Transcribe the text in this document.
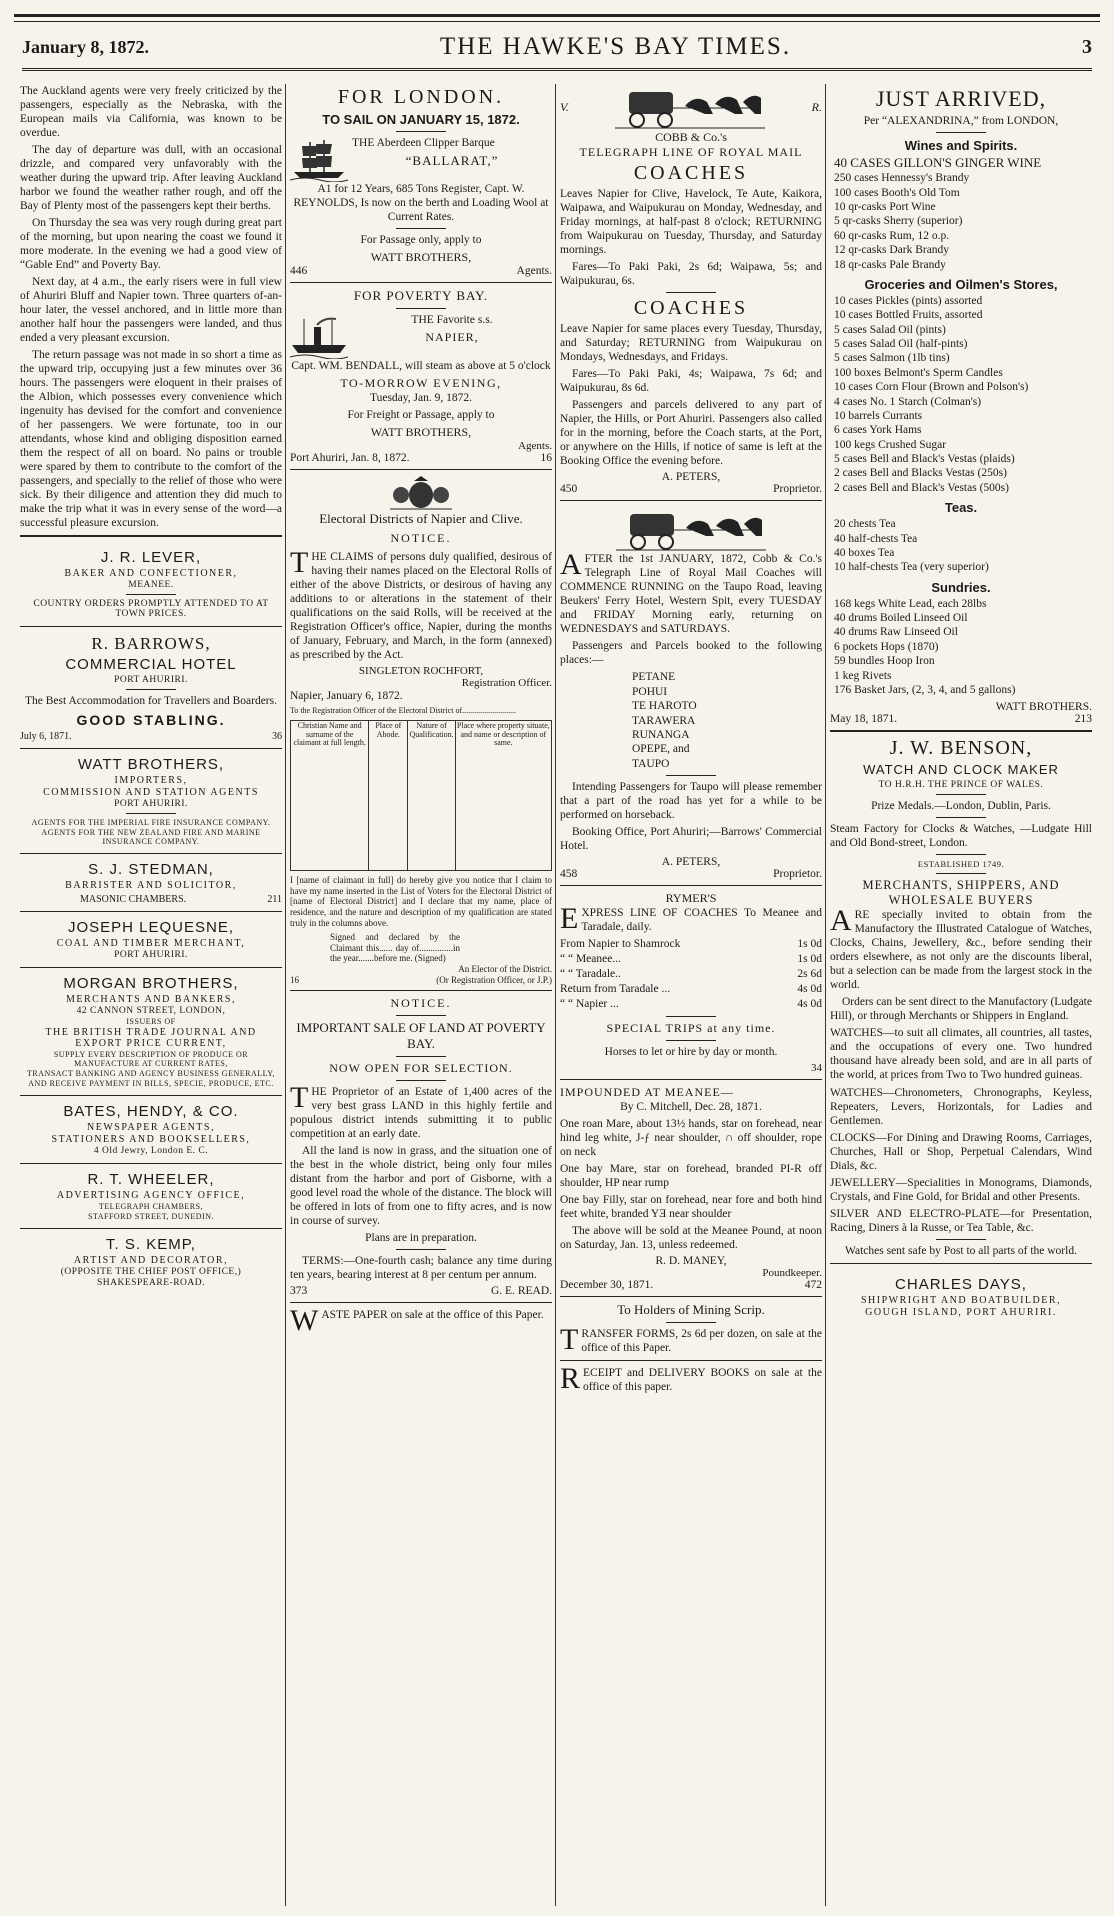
January 8, 1872.	THE HAWKE'S BAY TIMES.	3

The Auckland agents were very freely criticized by the passengers, especially as the Nebraska, with the European mails via California, was known to be overdue.

The day of departure was dull, with an occasional drizzle, and compared very unfavorably with the weather during the upward trip. After leaving Auckland harbor we found the weather rather rough, and off the Bay of Plenty most of the passengers kept their berths.

On Thursday the sea was very rough during great part of the morning, but upon nearing the coast we found it more moderate. In the evening we had a good view of “Gable End” and Poverty Bay.

Next day, at 4 a.m., the early risers were in full view of Ahuriri Bluff and Napier town. Three quarters of-an-hour later, the vessel anchored, and in little more than another half hour the passengers were landed, and thus ended a very pleasant excursion.

The return passage was not made in so short a time as the upward trip, occupying just a few minutes over 36 hours. The passengers were eloquent in their praises of the Albion, which possesses every convenience which ingenuity has devised for the comfort and convenience of her passengers. We were fortunate, too in our attendants, whose kind and obliging disposition earned them the respect of all on board. No pains or trouble were spared by them to contribute to the comfort of the passengers, and specially to the relief of those who were sick. By their diligence and attention they did much to make the trip what it was in every sense of the word—a successful pleasure excursion.

J. R. LEVER,
BAKER AND CONFECTIONER,
MEANEE.
COUNTRY ORDERS PROMPTLY ATTENDED TO AT TOWN PRICES.
R. BARROWS,
COMMERCIAL HOTEL
PORT AHURIRI.

The Best Accommodation for Travellers and Boarders.

GOOD STABLING.
July 6, 1871.	36
WATT BROTHERS,
IMPORTERS,
COMMISSION AND STATION AGENTS
PORT AHURIRI.
AGENTS FOR THE IMPERIAL FIRE INSURANCE COMPANY.
AGENTS FOR THE NEW ZEALAND FIRE AND MARINE INSURANCE COMPANY.
S. J. STEDMAN,
BARRISTER AND SOLICITOR,
MASONIC CHAMBERS.	211
JOSEPH LEQUESNE,
COAL AND TIMBER MERCHANT,
PORT AHURIRI.
MORGAN BROTHERS,
MERCHANTS AND BANKERS,
42 CANNON STREET, LONDON,
ISSUERS OF
THE BRITISH TRADE JOURNAL AND EXPORT PRICE CURRENT,
SUPPLY EVERY DESCRIPTION OF PRODUCE OR MANUFACTURE AT CURRENT RATES,
TRANSACT BANKING AND AGENCY BUSINESS GENERALLY,
AND RECEIVE PAYMENT IN BILLS, SPECIE, PRODUCE, ETC.
BATES, HENDY, & CO.
NEWSPAPER AGENTS,
STATIONERS AND BOOKSELLERS,
4 Old Jewry, London E. C.
R. T. WHEELER,
ADVERTISING AGENCY OFFICE,
TELEGRAPH CHAMBERS,
STAFFORD STREET, DUNEDIN.
T. S. KEMP,
ARTIST AND DECORATOR,
(OPPOSITE THE CHIEF POST OFFICE,)
SHAKESPEARE-ROAD.
FOR LONDON.
TO SAIL ON JANUARY 15, 1872.

THE Aberdeen Clipper Barque

“BALLARAT,”

A1 for 12 Years, 685 Tons Register, Capt. W. REYNOLDS, Is now on the berth and Loading Wool at Current Rates.

For Passage only, apply to

WATT BROTHERS,
446	Agents.
FOR POVERTY BAY.

THE Favorite s.s.

NAPIER,

Capt. WM. BENDALL, will steam as above at 5 o'clock

TO-MORROW EVENING,

Tuesday, Jan. 9, 1872.

For Freight or Passage, apply to

WATT BROTHERS,
Agents.
Port Ahuriri, Jan. 8, 1872.	16
Electoral Districts of Napier and Clive.
NOTICE.

THE CLAIMS of persons duly qualified, desirous of having their names placed on the Electoral Rolls of either of the above Districts, or desirous of having any additions to or alterations in the statement of their qualifications on the said Rolls, will be received at the Registration Officer's office, Napier, during the months of January, February, and March, in the form (annexed) as prescribed by the Act.

SINGLETON ROCHFORT,
Registration Officer.

Napier, January 6, 1872.

To the Registration Officer of the Electoral District of...........................
Christian Name and surname of the claimant at full length.	Place of Abode.	Nature of Qualification.	Place where property situate, and name or description of same.
I [name of claimant in full] do hereby give you notice that I claim to have my name inserted in the List of Voters for the Electoral District of [name of Electoral District] and I declare that my name, place of residence, and the nature and description of my qualification are stated truly in the columns above.
Signed and declared by the Claimant this...... day of...............in the year.......before me. (Signed)
An Elector of the District.
16	(Or Registration Officer, or J.P.)
NOTICE.
IMPORTANT SALE OF LAND AT POVERTY BAY.
NOW OPEN FOR SELECTION.

THE Proprietor of an Estate of 1,400 acres of the very best grass LAND in this highly fertile and populous district intends submitting it to public competition at an early date.

All the land is now in grass, and the situation one of the best in the whole district, being only four miles distant from the harbor and port of Gisborne, with a good level road the whole of the distance. The block will be offered in lots of from one to fifty acres, and is now in course of survey.

Plans are in preparation.

TERMS:—One-fourth cash; balance any time during ten years, bearing interest at 8 per centum per annum.

373	G. E. READ.

WASTE PAPER on sale at the office of this Paper.

V.	R.
COBB & Co.'s
TELEGRAPH LINE OF ROYAL MAIL
COACHES

Leaves Napier for Clive, Havelock, Te Aute, Kaikora, Waipawa, and Waipukurau on Monday, Wednesday, and Friday mornings, at half-past 8 o'clock; RETURNING from Waipukurau on Tuesday, Thursday, and Saturday mornings.

Fares—To Paki Paki, 2s 6d; Waipawa, 5s; and Waipukurau, 6s.

COACHES

Leave Napier for same places every Tuesday, Thursday, and Saturday; RETURNING from Waipukurau on Mondays, Wednesdays, and Fridays.

Fares—To Paki Paki, 4s; Waipawa, 7s 6d; and Waipukurau, 8s 6d.

Passengers and parcels delivered to any part of Napier, the Hills, or Port Ahuriri. Passengers also called for in the morning, before the Coach starts, at the Port, or anywhere on the Hills, if notice of same is left at the Booking Office the evening before.

A. PETERS,
450	Proprietor.

AFTER the 1st JANUARY, 1872, Cobb & Co.'s Telegraph Line of Royal Mail Coaches will COMMENCE RUNNING on the Taupo Road, leaving Beukers' Ferry Hotel, Western Spit, every TUESDAY and FRIDAY Morning early, returning on WEDNESDAYS and SATURDAYS.

Passengers and Parcels booked to the following places:—

PETANE
POHUI
TE HAROTO
TARAWERA
RUNANGA
OPEPE, and
TAUPO

Intending Passengers for Taupo will please remember that a part of the road has yet for a while to be performed on horseback.

Booking Office, Port Ahuriri;—Barrows' Commercial Hotel.

A. PETERS,
458	Proprietor.
RYMER'S

EXPRESS LINE OF COACHES To Meanee and Taradale, daily.

From Napier to Shamrock	1s 0d
“ “ Meanee...	1s 0d
“ “ Taradale..	2s 6d
Return from Taradale ...	4s 0d
“ “ Napier ...	4s 0d
SPECIAL TRIPS at any time.

Horses to let or hire by day or month.

34
IMPOUNDED AT MEANEE—

By C. Mitchell, Dec. 28, 1871.

One roan Mare, about 13½ hands, star on forehead, near hind leg white, J-ƒ near shoulder, ∩ off shoulder, rope on neck

One bay Mare, star on forehead, branded PI-R off shoulder, HP near rump

One bay Filly, star on forehead, near fore and both hind feet white, branded YƎ near shoulder

The above will be sold at the Meanee Pound, at noon on Saturday, Jan. 13, unless redeemed.

R. D. MANEY,
Poundkeeper.
December 30, 1871.	472
To Holders of Mining Scrip.

TRANSFER FORMS, 2s 6d per dozen, on sale at the office of this Paper.

RECEIPT and DELIVERY BOOKS on sale at the office of this paper.

JUST ARRIVED,

Per “ALEXANDRINA,” from LONDON,

Wines and Spirits.
40 CASES GILLON'S GINGER WINE
250 cases Hennessy's Brandy
100 cases Booth's Old Tom
10 qr-casks Port Wine
5 qr-casks Sherry (superior)
60 qr-casks Rum, 12 o.p.
12 qr-casks Dark Brandy
18 qr-casks Pale Brandy
Groceries and Oilmen's Stores,
10 cases Pickles (pints) assorted
10 cases Bottled Fruits, assorted
5 cases Salad Oil (pints)
5 cases Salad Oil (half-pints)
5 cases Salmon (1lb tins)
100 boxes Belmont's Sperm Candles
10 cases Corn Flour (Brown and Polson's)
4 cases No. 1 Starch (Colman's)
10 barrels Currants
6 cases York Hams
100 kegs Crushed Sugar
5 cases Bell and Black's Vestas (plaids)
2 cases Bell and Blacks Vestas (250s)
2 cases Bell and Black's Vestas (500s)
Teas.
20 chests Tea
40 half-chests Tea
40 boxes Tea
10 half-chests Tea (very superior)
Sundries.
168 kegs White Lead, each 28lbs
40 drums Boiled Linseed Oil
40 drums Raw Linseed Oil
6 pockets Hops (1870)
59 bundles Hoop Iron
1 keg Rivets
176 Basket Jars, (2, 3, 4, and 5 gallons)
WATT BROTHERS.
May 18, 1871.	213
J. W. BENSON,
WATCH AND CLOCK MAKER
TO H.R.H. THE PRINCE OF WALES.

Prize Medals.—London, Dublin, Paris.

Steam Factory for Clocks & Watches, —Ludgate Hill and Old Bond-street, London.

ESTABLISHED 1749.
MERCHANTS, SHIPPERS, AND WHOLESALE BUYERS

ARE specially invited to obtain from the Manufactory the Illustrated Catalogue of Watches, Clocks, Chains, Jewellery, &c., before sending their orders elsewhere, as not only are the discounts liberal, but a selection can be made from the largest stock in the world.

Orders can be sent direct to the Manufactory (Ludgate Hill), or through Merchants or Shippers in England.

WATCHES—to suit all climates, all countries, all tastes, and the occupations of every one. Two hundred thousand have already been sold, and are in all parts of the world, at prices from Two to Two hundred guineas.

WATCHES—Chronometers, Chronographs, Keyless, Repeaters, Levers, Horizontals, for Ladies and Gentlemen.

CLOCKS—For Dining and Drawing Rooms, Carriages, Churches, Hall or Shop, Perpetual Calendars, Wind Dials, &c.

JEWELLERY—Specialities in Monograms, Diamonds, Crystals, and Fine Gold, for Bridal and other Presents.

SILVER AND ELECTRO-PLATE—for Presentation, Racing, Diners à la Russe, or Tea Table, &c.

Watches sent safe by Post to all parts of the world.

CHARLES DAYS,
SHIPWRIGHT AND BOATBUILDER,
GOUGH ISLAND, PORT AHURIRI.
